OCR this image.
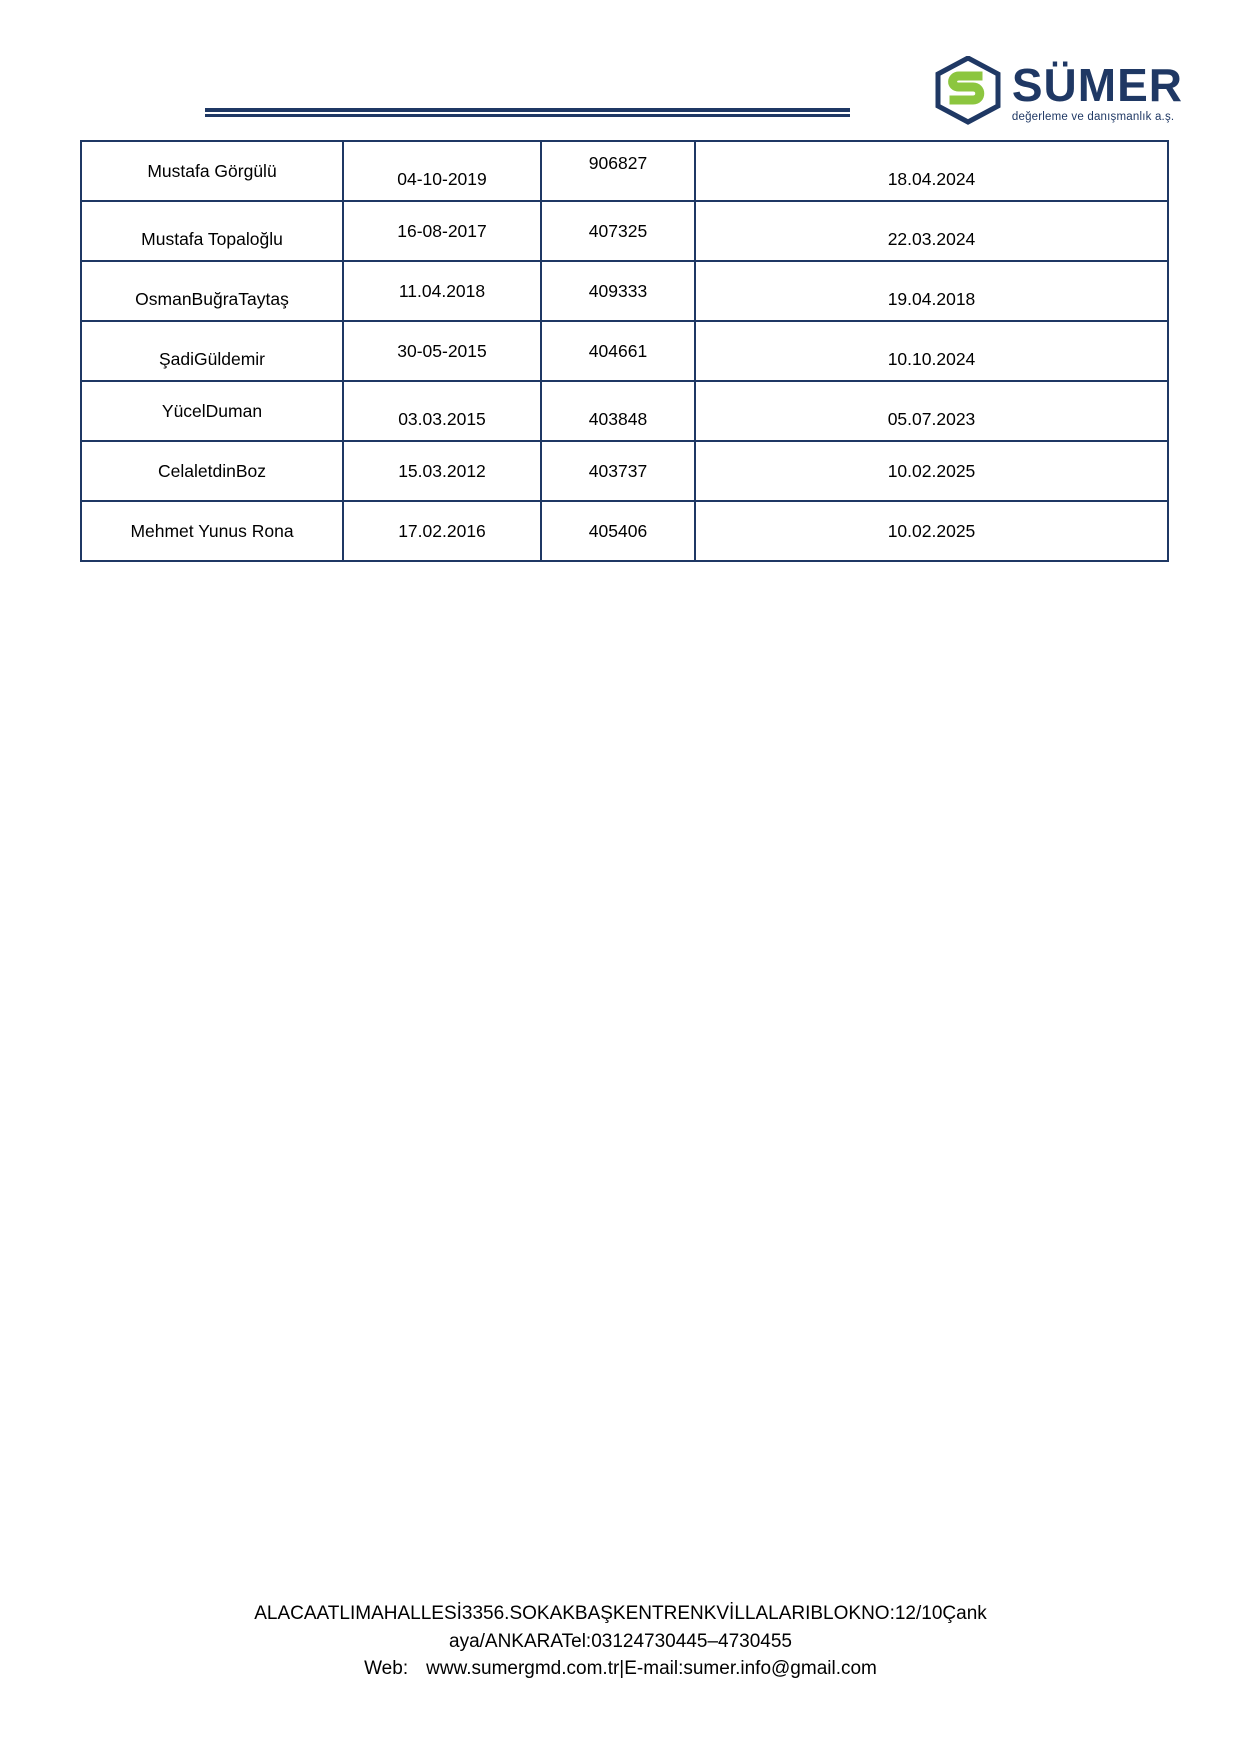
SÜMER
değerleme ve danışmanlık a.ş.
Mustafa Görgülü	04-10-2019	906827	18.04.2024
Mustafa Topaloğlu	16-08-2017	407325	22.03.2024
OsmanBuğraTaytaş	11.04.2018	409333	19.04.2018
ŞadiGüldemir	30-05-2015	404661	10.10.2024
YücelDuman	03.03.2015	403848	05.07.2023
CelaletdinBoz	15.03.2012	403737	10.02.2025
Mehmet Yunus Rona	17.02.2016	405406	10.02.2025
ALACAATLIMAHALLESİ3356.SOKAKBAŞKENTRENKVİLLALARIBLOKNO:12/10Çank
aya/ANKARATel:03124730445–4730455
Web: www.sumergmd.com.tr|E-mail:sumer.info@gmail.com
